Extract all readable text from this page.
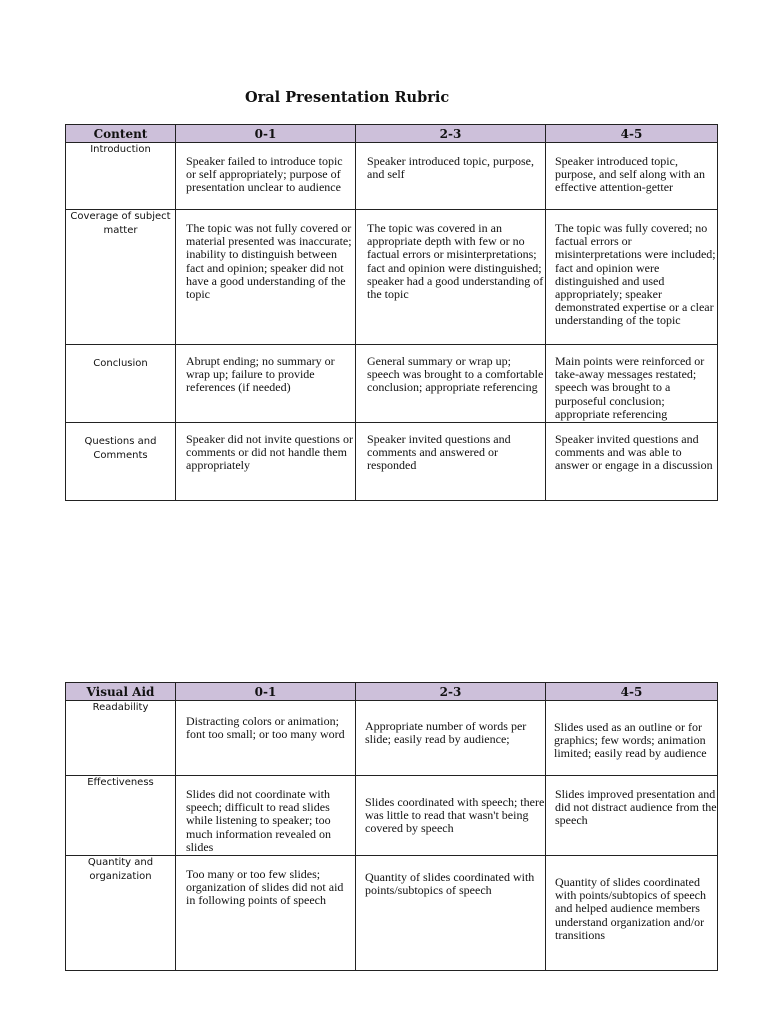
Oral Presentation Rubric
Content	0-1	2-3	4-5
Introduction	Speaker failed to introduce topic or self appropriately; purpose of presentation unclear to audience	Speaker introduced topic, purpose, and self	Speaker introduced topic, purpose, and self along with an effective attention-getter
Coverage of subject matter	The topic was not fully covered or material presented was inaccurate; inability to distinguish between fact and opinion; speaker did not have a good understanding of the topic	The topic was covered in an appropriate depth with few or no factual errors or misinterpretations; fact and opinion were distinguished; speaker had a good understanding of the topic	The topic was fully covered; no factual errors or misinterpretations were included; fact and opinion were distinguished and used appropriately; speaker demonstrated expertise or a clear understanding of the topic
Conclusion	Abrupt ending; no summary or wrap up; failure to provide references (if needed)	General summary or wrap up; speech was brought to a comfortable conclusion; appropriate referencing	Main points were reinforced or take-away messages restated; speech was brought to a purposeful conclusion; appropriate referencing
Questions and Comments	Speaker did not invite questions or comments or did not handle them appropriately	Speaker invited questions and comments and answered or responded	Speaker invited questions and comments and was able to answer or engage in a discussion
Visual Aid	0-1	2-3	4-5
Readability	Distracting colors or animation; font too small; or too many word	Appropriate number of words per slide; easily read by audience;	Slides used as an outline or for graphics; few words; animation limited; easily read by audience
Effectiveness	Slides did not coordinate with speech; difficult to read slides while listening to speaker; too much information revealed on slides	Slides coordinated with speech; there was little to read that wasn't being covered by speech	Slides improved presentation and did not distract audience from the speech
Quantity and organization	Too many or too few slides; organization of slides did not aid in following points of speech	Quantity of slides coordinated with points/subtopics of speech	Quantity of slides coordinated with points/subtopics of speech and helped audience members understand organization and/or transitions
